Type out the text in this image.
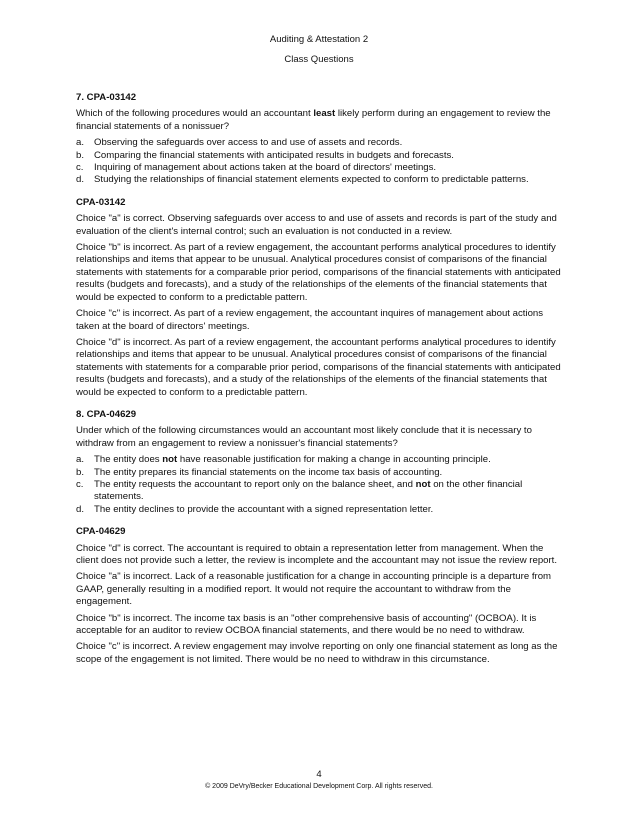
Auditing & Attestation 2
Class Questions
7. CPA-03142

Which of the following procedures would an accountant least likely perform during an engagement to review the financial statements of a nonissuer?

a. Observing the safeguards over access to and use of assets and records.
b. Comparing the financial statements with anticipated results in budgets and forecasts.
c. Inquiring of management about actions taken at the board of directors' meetings.
d. Studying the relationships of financial statement elements expected to conform to predictable patterns.
CPA-03142

Choice "a" is correct. Observing safeguards over access to and use of assets and records is part of the study and evaluation of the client's internal control; such an evaluation is not conducted in a review.

Choice "b" is incorrect. As part of a review engagement, the accountant performs analytical procedures to identify relationships and items that appear to be unusual. Analytical procedures consist of comparisons of the financial statements with statements for a comparable prior period, comparisons of the financial statements with anticipated results (budgets and forecasts), and a study of the relationships of the elements of the financial statements that would be expected to conform to a predictable pattern.

Choice "c" is incorrect. As part of a review engagement, the accountant inquires of management about actions taken at the board of directors' meetings.

Choice "d" is incorrect. As part of a review engagement, the accountant performs analytical procedures to identify relationships and items that appear to be unusual. Analytical procedures consist of comparisons of the financial statements with statements for a comparable prior period, comparisons of the financial statements with anticipated results (budgets and forecasts), and a study of the relationships of the elements of the financial statements that would be expected to conform to a predictable pattern.

8. CPA-04629

Under which of the following circumstances would an accountant most likely conclude that it is necessary to withdraw from an engagement to review a nonissuer's financial statements?

a. The entity does not have reasonable justification for making a change in accounting principle.
b. The entity prepares its financial statements on the income tax basis of accounting.
c. The entity requests the accountant to report only on the balance sheet, and not on the other financial statements.
d. The entity declines to provide the accountant with a signed representation letter.
CPA-04629

Choice "d" is correct. The accountant is required to obtain a representation letter from management. When the client does not provide such a letter, the review is incomplete and the accountant may not issue the review report.

Choice "a" is incorrect. Lack of a reasonable justification for a change in accounting principle is a departure from GAAP, generally resulting in a modified report. It would not require the accountant to withdraw from the engagement.

Choice "b" is incorrect. The income tax basis is an "other comprehensive basis of accounting" (OCBOA). It is acceptable for an auditor to review OCBOA financial statements, and there would be no need to withdraw.

Choice "c" is incorrect. A review engagement may involve reporting on only one financial statement as long as the scope of the engagement is not limited. There would be no need to withdraw in this circumstance.

4
© 2009 DeVry/Becker Educational Development Corp. All rights reserved.
